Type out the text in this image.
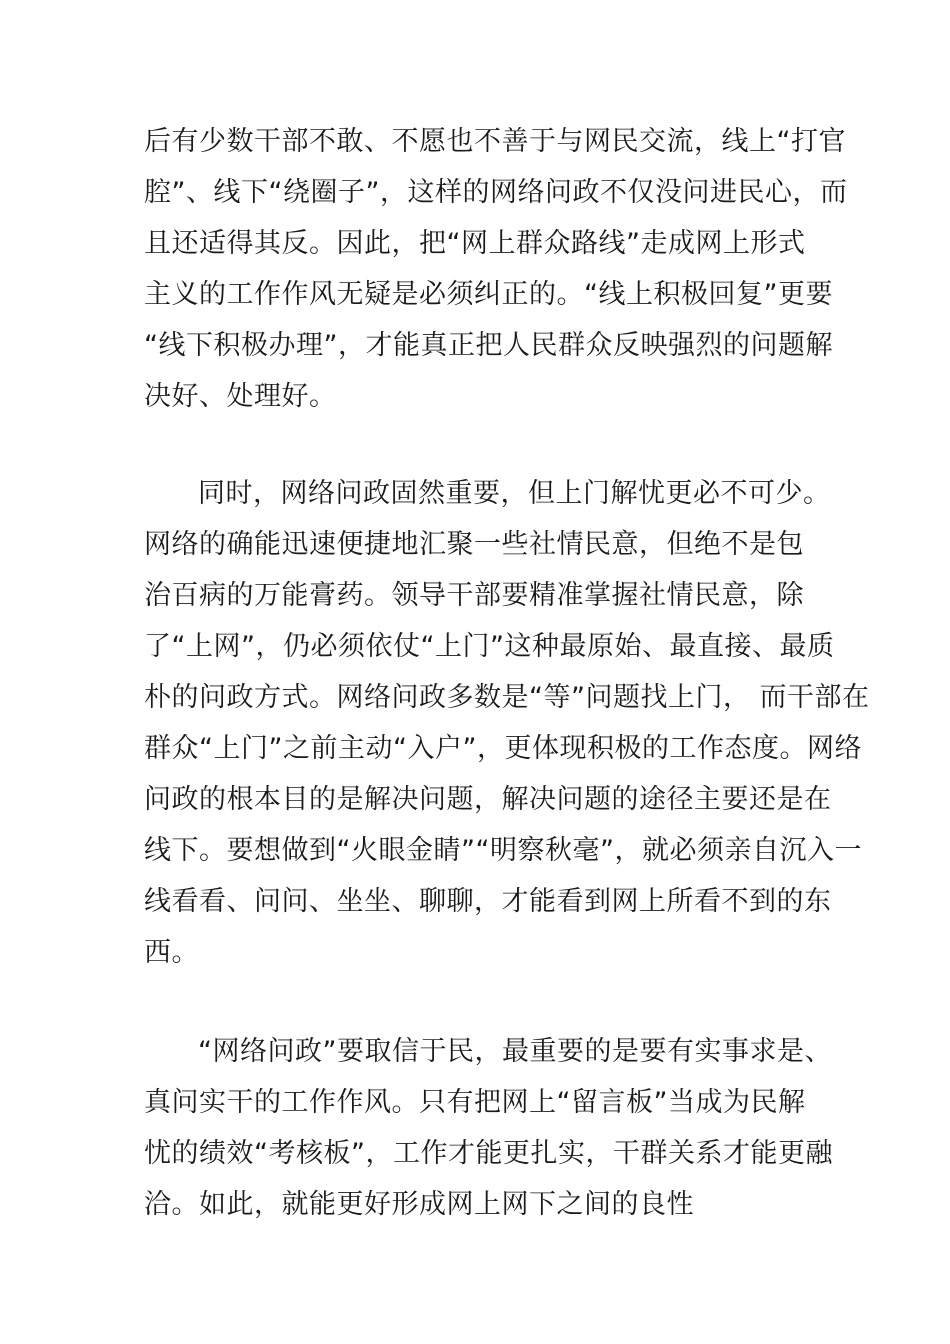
后有少数干部不敢、不愿也不善于与网民交流，线上“打官
腔”、线下“绕圈子”，这样的网络问政不仅没问进民心，而
且还适得其反。因此，把“网上群众路线”走成网上形式
主义的工作作风无疑是必须纠正的。“线上积极回复”更要
“线下积极办理”，才能真正把人民群众反映强烈的问题解
决好、处理好。
同时，网络问政固然重要，但上门解忧更必不可少。
网络的确能迅速便捷地汇聚一些社情民意，但绝不是包
治百病的万能膏药。领导干部要精准掌握社情民意，除
了“上网”，仍必须依仗“上门”这种最原始、最直接、最质
朴的问政方式。网络问政多数是“等”问题找上门， 而干部在
群众“上门”之前主动“入户”，更体现积极的工作态度。网络
问政的根本目的是解决问题，解决问题的途径主要还是在
线下。要想做到“火眼金睛”“明察秋毫”，就必须亲自沉入一
线看看、问问、坐坐、聊聊，才能看到网上所看不到的东
西。
“网络问政”要取信于民，最重要的是要有实事求是、
真问实干的工作作风。只有把网上“留言板”当成为民解
忧的绩效“考核板”，工作才能更扎实，干群关系才能更融
洽。如此，就能更好形成网上网下之间的良性
